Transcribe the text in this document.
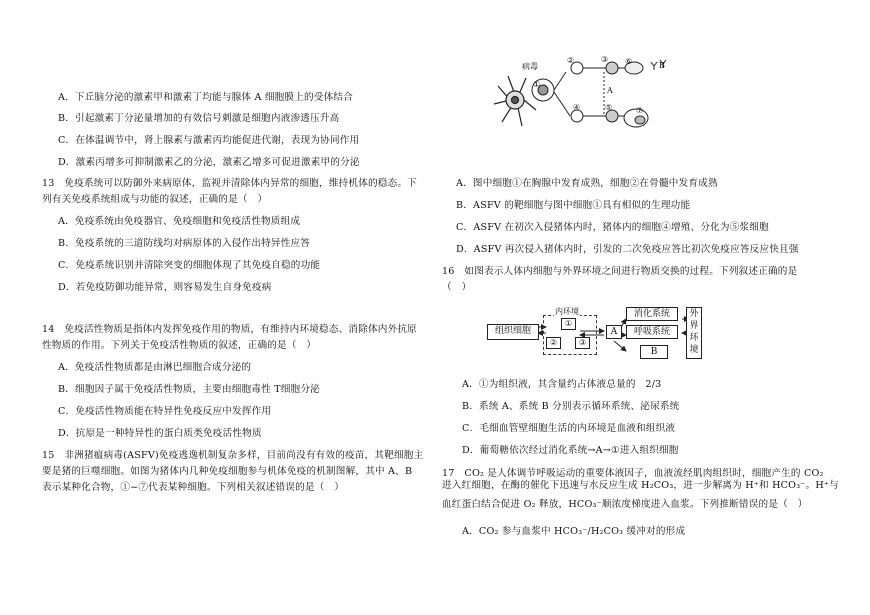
A．下丘脑分泌的激素甲和激素丁均能与腺体 A 细胞膜上的受体结合
B．引起激素丁分泌量增加的有效信号刺激是细胞内液渗透压升高
C．在体温调节中，肾上腺素与激素丙均能促进代谢，表现为协同作用
D．激素丙增多可抑制激素乙的分泌，激素乙增多可促进激素甲的分泌
13　免疫系统可以防御外来病原体，监视并清除体内异常的细胞，维持机体的稳态。下
列有关免疫系统组成与功能的叙述，正确的是（　）
A．免疫系统由免疫器官、免疫细胞和免疫活性物质组成
B．免疫系统的三道防线均对病原体的入侵作出特异性应答
C．免疫系统识别并清除突变的细胞体现了其免疫自稳的功能
D．若免疫防御功能异常，则容易发生自身免疫病
14　免疫活性物质是指体内发挥免疫作用的物质，有维持内环境稳态、消除体内外抗原
性物质的作用。下列关于免疫活性物质的叙述，正确的是（　）
A．免疫活性物质都是由淋巴细胞合成分泌的
B．细胞因子属于免疫活性物质，主要由细胞毒性 T细胞分泌
C．免疫活性物质能在特异性免疫反应中发挥作用
D．抗原是一种特异性的蛋白质类免疫活性物质
15　非洲猪瘟病毒(ASFV)免疫逃逸机制复杂多样，目前尚没有有效的疫苗，其靶细胞主
要是猪的巨噬细胞。如图为猪体内几种免疫细胞参与机体免疫的机制图解，其中 A、B
表示某种化合物，①~⑦代表某种细胞。下列相关叙述错误的是（　）
病毒
①
②	③
④	⑤
⑥
⑦
A
B
A．图中细胞①在胸腺中发育成熟，细胞②在骨髓中发育成熟
B．ASFV 的靶细胞与图中细胞①具有相似的生理功能
C．ASFV 在初次入侵猪体内时，猪体内的细胞④增殖、分化为⑤浆细胞
D．ASFV 再次侵入猪体内时，引发的二次免疫应答比初次免疫应答反应快且强
16　如图表示人体内细胞与外界环境之间进行物质交换的过程。下列叙述正确的是
（　）
组织细胞
内环境
①
②	③
A
消化系统
呼吸系统
B
外界环境
A．①为组织液，其含量约占体液总量的　2/3
B．系统 A、系统 B 分别表示循环系统、泌尿系统
C．毛细血管壁细胞生活的内环境是血液和组织液
D．葡萄糖依次经过消化系统→A→①进入组织细胞
17　CO₂ 是人体调节呼吸运动的重要体液因子，血液流经肌肉组织时，细胞产生的 CO₂
进入红细胞，在酶的催化下迅速与水反应生成 H₂CO₃，进一步解离为 H⁺和 HCO₃⁻。H⁺与
血红蛋白结合促进 O₂ 释放，HCO₃⁻顺浓度梯度进入血浆。下列推断错误的是（　）
A．CO₂ 参与血浆中 HCO₃⁻/H₂CO₃ 缓冲对的形成
